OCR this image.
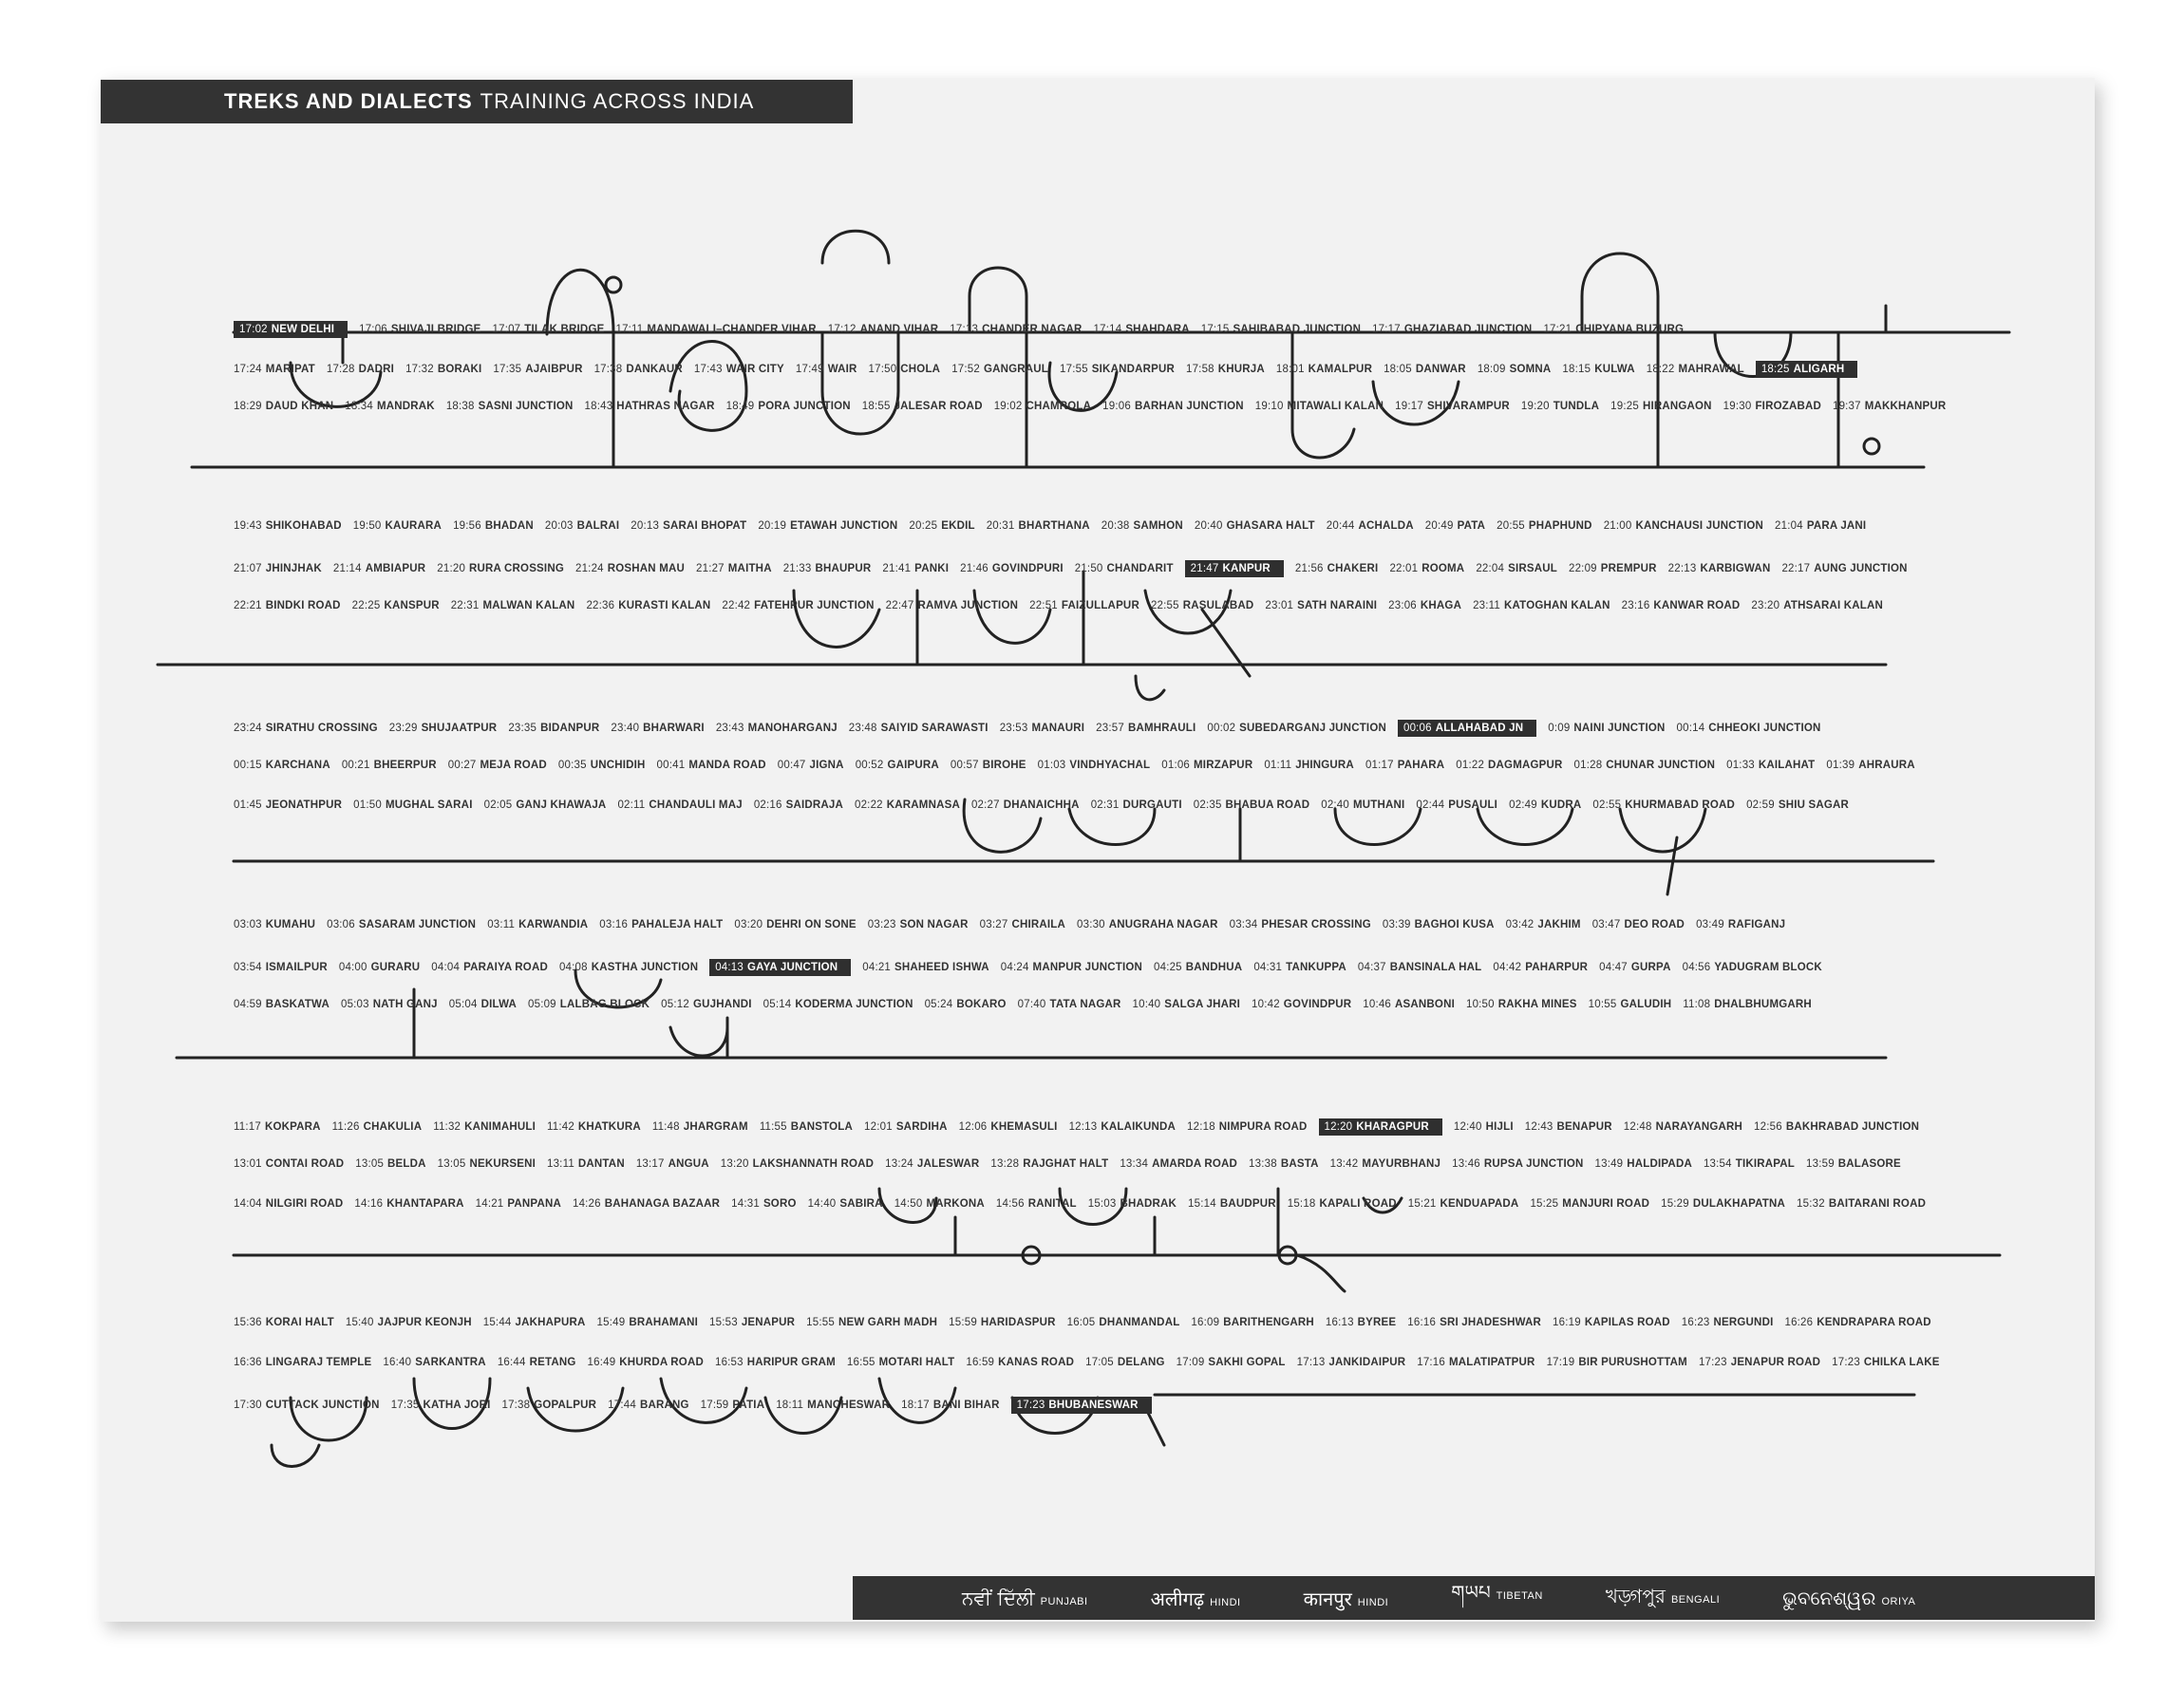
TREKS AND DIALECTS TRAINING ACROSS INDIA
17:02 NEW DELHI 17:06 SHIVAJI BRIDGE 17:07 TILAK BRIDGE 17:11 MANDAWALI–CHANDER VIHAR 17:12 ANAND VIHAR 17:13 CHANDER NAGAR 17:14 SHAHDARA 17:15 SAHIBABAD JUNCTION 17:17 GHAZIABAD JUNCTION 17:21 CHIPYANA BUZURG
17:24 MARIPAT 17:28 DADRI 17:32 BORAKI 17:35 AJAIBPUR 17:38 DANKAUR 17:43 WAIR CITY 17:49 WAIR 17:50 CHOLA 17:52 GANGRAUL 17:55 SIKANDARPUR 17:58 KHURJA 18:01 KAMALPUR 18:05 DANWAR 18:09 SOMNA 18:15 KULWA 18:22 MAHRAWAL 18:25 ALIGARH
18:29 DAUD KHAN 18:34 MANDRAK 18:38 SASNI JUNCTION 18:43 HATHRAS NAGAR 18:49 PORA JUNCTION 18:55 JALESAR ROAD 19:02 CHAMROLA 19:06 BARHAN JUNCTION 19:10 MITAWALI KALAN 19:17 SHIVARAMPUR 19:20 TUNDLA 19:25 HIRANGAON 19:30 FIROZABAD 19:37 MAKKHANPUR
19:43 SHIKOHABAD 19:50 KAURARA 19:56 BHADAN 20:03 BALRAI 20:13 SARAI BHOPAT 20:19 ETAWAH JUNCTION 20:25 EKDIL 20:31 BHARTHANA 20:38 SAMHON 20:40 GHASARA HALT 20:44 ACHALDA 20:49 PATA 20:55 PHAPHUND 21:00 KANCHAUSI JUNCTION 21:04 PARA JANI
21:07 JHINJHAK 21:14 AMBIAPUR 21:20 RURA CROSSING 21:24 ROSHAN MAU 21:27 MAITHA 21:33 BHAUPUR 21:41 PANKI 21:46 GOVINDPURI 21:50 CHANDARIT 21:47 KANPUR 21:56 CHAKERI 22:01 ROOMA 22:04 SIRSAUL 22:09 PREMPUR 22:13 KARBIGWAN 22:17 AUNG JUNCTION
22:21 BINDKI ROAD 22:25 KANSPUR 22:31 MALWAN KALAN 22:36 KURASTI KALAN 22:42 FATEHPUR JUNCTION 22:47 RAMVA JUNCTION 22:51 FAIZULLAPUR 22:55 RASULABAD 23:01 SATH NARAINI 23:06 KHAGA 23:11 KATOGHAN KALAN 23:16 KANWAR ROAD 23:20 ATHSARAI KALAN
23:24 SIRATHU CROSSING 23:29 SHUJAATPUR 23:35 BIDANPUR 23:40 BHARWARI 23:43 MANOHARGANJ 23:48 SAIYID SARAWASTI 23:53 MANAURI 23:57 BAMHRAULI 00:02 SUBEDARGANJ JUNCTION 00:06 ALLAHABAD JN 0:09 NAINI JUNCTION 00:14 CHHEOKI JUNCTION
00:15 KARCHANA 00:21 BHEERPUR 00:27 MEJA ROAD 00:35 UNCHIDIH 00:41 MANDA ROAD 00:47 JIGNA 00:52 GAIPURA 00:57 BIROHE 01:03 VINDHYACHAL 01:06 MIRZAPUR 01:11 JHINGURA 01:17 PAHARA 01:22 DAGMAGPUR 01:28 CHUNAR JUNCTION 01:33 KAILAHAT 01:39 AHRAURA
01:45 JEONATHPUR 01:50 MUGHAL SARAI 02:05 GANJ KHAWAJA 02:11 CHANDAULI MAJ 02:16 SAIDRAJA 02:22 KARAMNASA 02:27 DHANAICHHA 02:31 DURGAUTI 02:35 BHABUA ROAD 02:40 MUTHANI 02:44 PUSAULI 02:49 KUDRA 02:55 KHURMABAD ROAD 02:59 SHIU SAGAR
03:03 KUMAHU 03:06 SASARAM JUNCTION 03:11 KARWANDIA 03:16 PAHALEJA HALT 03:20 DEHRI ON SONE 03:23 SON NAGAR 03:27 CHIRAILA 03:30 ANUGRAHA NAGAR 03:34 PHESAR CROSSING 03:39 BAGHOI KUSA 03:42 JAKHIM 03:47 DEO ROAD 03:49 RAFIGANJ
03:54 ISMAILPUR 04:00 GURARU 04:04 PARAIYA ROAD 04:08 KASTHA JUNCTION 04:13 GAYA JUNCTION 04:21 SHAHEED ISHWA 04:24 MANPUR JUNCTION 04:25 BANDHUA 04:31 TANKUPPA 04:37 BANSINALA HAL 04:42 PAHARPUR 04:47 GURPA 04:56 YADUGRAM BLOCK
04:59 BASKATWA 05:03 NATH GANJ 05:04 DILWA 05:09 LALBAG BLOCK 05:12 GUJHANDI 05:14 KODERMA JUNCTION 05:24 BOKARO 07:40 TATA NAGAR 10:40 SALGA JHARI 10:42 GOVINDPUR 10:46 ASANBONI 10:50 RAKHA MINES 10:55 GALUDIH 11:08 DHALBHUMGARH
11:17 KOKPARA 11:26 CHAKULIA 11:32 KANIMAHULI 11:42 KHATKURA 11:48 JHARGRAM 11:55 BANSTOLA 12:01 SARDIHA 12:06 KHEMASULI 12:13 KALAIKUNDA 12:18 NIMPURA ROAD 12:20 KHARAGPUR 12:40 HIJLI 12:43 BENAPUR 12:48 NARAYANGARH 12:56 BAKHRABAD JUNCTION
13:01 CONTAI ROAD 13:05 BELDA 13:05 NEKURSENI 13:11 DANTAN 13:17 ANGUA 13:20 LAKSHANNATH ROAD 13:24 JALESWAR 13:28 RAJGHAT HALT 13:34 AMARDA ROAD 13:38 BASTA 13:42 MAYURBHANJ 13:46 RUPSA JUNCTION 13:49 HALDIPADA 13:54 TIKIRAPAL 13:59 BALASORE
14:04 NILGIRI ROAD 14:16 KHANTAPARA 14:21 PANPANA 14:26 BAHANAGA BAZAAR 14:31 SORO 14:40 SABIRA 14:50 MARKONA 14:56 RANITAL 15:03 BHADRAK 15:14 BAUDPUR 15:18 KAPALI ROAD 15:21 KENDUAPADA 15:25 MANJURI ROAD 15:29 DULAKHAPATNA 15:32 BAITARANI ROAD
15:36 KORAI HALT 15:40 JAJPUR KEONJH 15:44 JAKHAPURA 15:49 BRAHAMANI 15:53 JENAPUR 15:55 NEW GARH MADH 15:59 HARIDASPUR 16:05 DHANMANDAL 16:09 BARITHENGARH 16:13 BYREE 16:16 SRI JHADESHWAR 16:19 KAPILAS ROAD 16:23 NERGUNDI 16:26 KENDRAPARA ROAD
16:36 LINGARAJ TEMPLE 16:40 SARKANTRA 16:44 RETANG 16:49 KHURDA ROAD 16:53 HARIPUR GRAM 16:55 MOTARI HALT 16:59 KANAS ROAD 17:05 DELANG 17:09 SAKHI GOPAL 17:13 JANKIDAIPUR 17:16 MALATIPATPUR 17:19 BIR PURUSHOTTAM 17:23 JENAPUR ROAD 17:23 CHILKA LAKE
17:30 CUTTACK JUNCTION 17:35 KATHA JORI 17:38 GOPALPUR 17:44 BARANG 17:59 PATIA 18:11 MANCHESWAR 18:17 BANI BIHAR 17:23 BHUBANESWAR
ਨਵੀਂ ਦਿੱਲੀ PUNJABI	अलीगढ़ HINDI	कानपुर HINDI	གཡཔ TIBETAN	খড়্গপুর BENGALI	ଭୁବନେଶ୍ୱର ORIYA
